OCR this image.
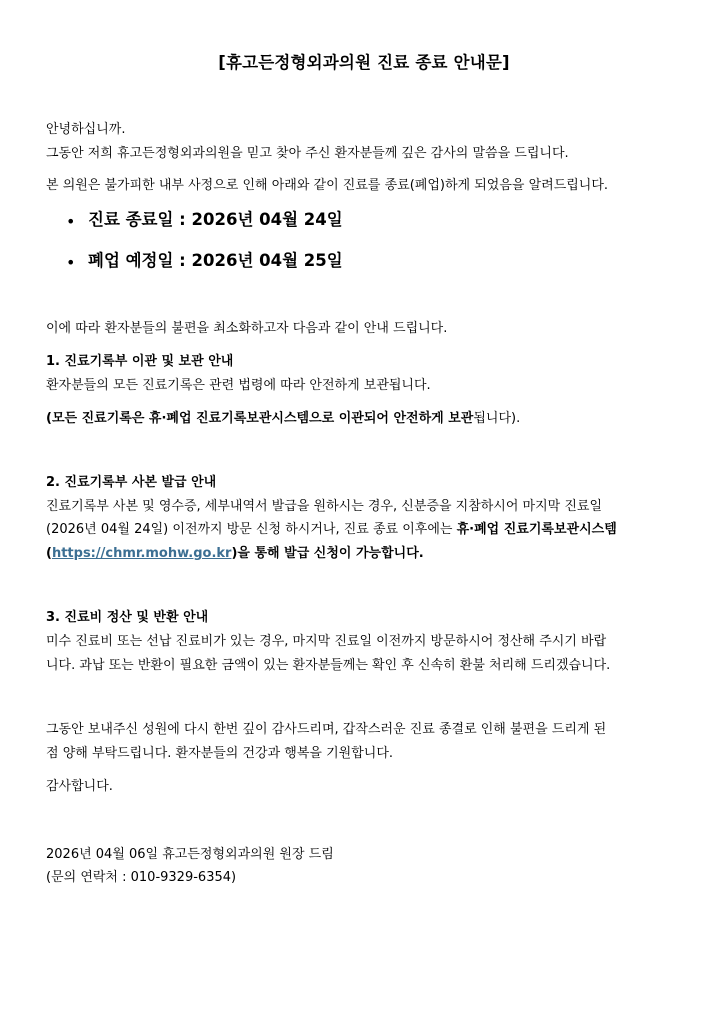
[휴고든정형외과의원 진료 종료 안내문]
안녕하십니까.
그동안 저희 휴고든정형외과의원을 믿고 찾아 주신 환자분들께 깊은 감사의 말씀을 드립니다.
본 의원은 불가피한 내부 사정으로 인해 아래와 같이 진료를 종료(폐업)하게 되었음을 알려드립니다.
• 진료 종료일 : 2026년 04월 24일
• 폐업 예정일 : 2026년 04월 25일
이에 따라 환자분들의 불편을 최소화하고자 다음과 같이 안내 드립니다.
1. 진료기록부 이관 및 보관 안내
환자분들의 모든 진료기록은 관련 법령에 따라 안전하게 보관됩니다.
(모든 진료기록은 휴·폐업 진료기록보관시스템으로 이관되어 안전하게 보관됩니다).
2. 진료기록부 사본 발급 안내
진료기록부 사본 및 영수증, 세부내역서 발급을 원하시는 경우, 신분증을 지참하시어 마지막 진료일
(2026년 04월 24일) 이전까지 방문 신청 하시거나, 진료 종료 이후에는 휴·폐업 진료기록보관시스템
(https://chmr.mohw.go.kr)을 통해 발급 신청이 가능합니다.
3. 진료비 정산 및 반환 안내
미수 진료비 또는 선납 진료비가 있는 경우, 마지막 진료일 이전까지 방문하시어 정산해 주시기 바랍
니다. 과납 또는 반환이 필요한 금액이 있는 환자분들께는 확인 후 신속히 환불 처리해 드리겠습니다.
그동안 보내주신 성원에 다시 한번 깊이 감사드리며, 갑작스러운 진료 종결로 인해 불편을 드리게 된
점 양해 부탁드립니다. 환자분들의 건강과 행복을 기원합니다.
감사합니다.
2026년 04월 06일 휴고든정형외과의원 원장 드림
(문의 연락처 : 010-9329-6354)
